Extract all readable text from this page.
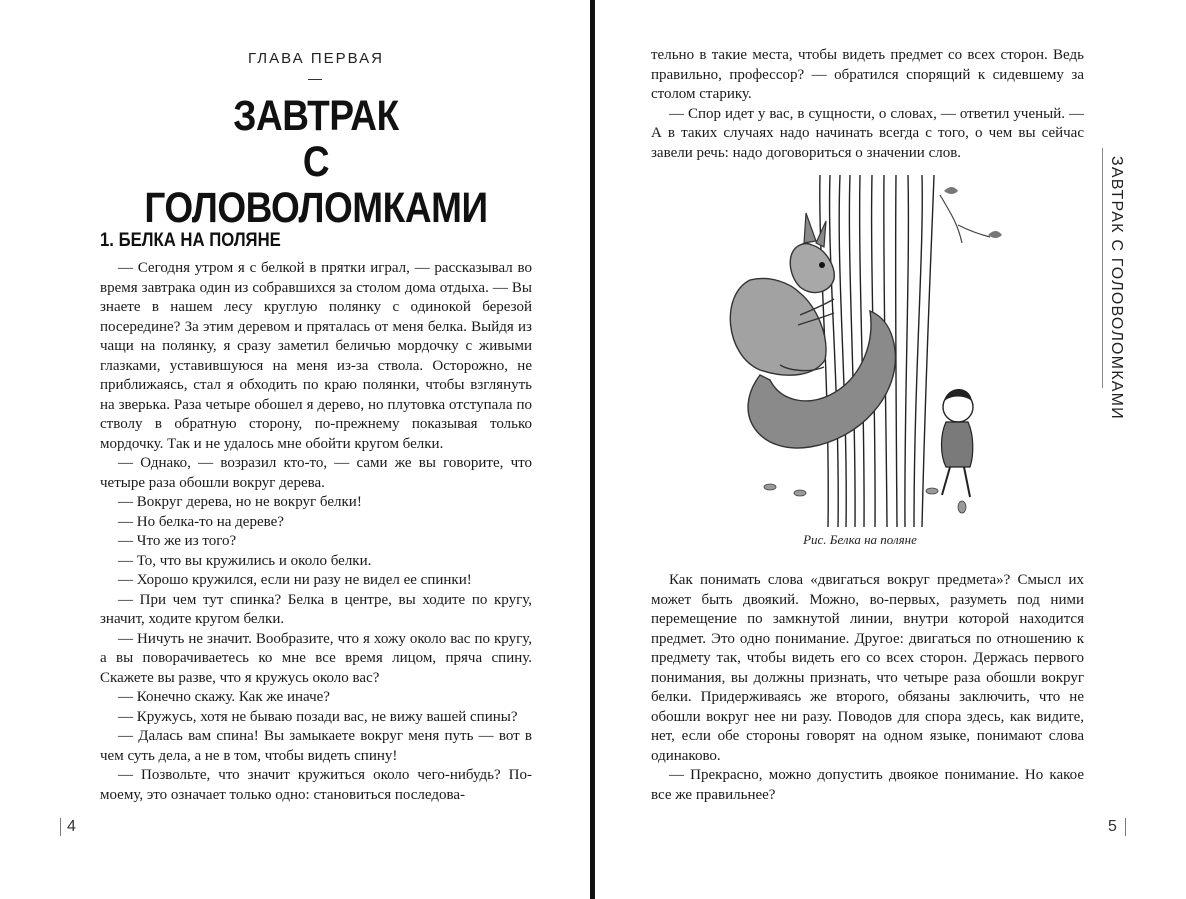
ГЛАВА ПЕРВАЯ
ЗАВТРАК
С ГОЛОВОЛОМКАМИ
1. БЕЛКА НА ПОЛЯНЕ

— Сегодня утром я с белкой в прятки играл, — рассказывал во время завтрака один из собравшихся за столом дома отдыха. — Вы знаете в нашем лесу круглую полянку с одинокой березой посередине? За этим деревом и пряталась от меня белка. Выйдя из чащи на полянку, я сразу заметил беличью мордочку с живыми глазками, уставившуюся на меня из-за ствола. Осторожно, не приближаясь, стал я обходить по краю полянки, чтобы взглянуть на зверька. Раза четыре обошел я дерево, но плутовка отступала по стволу в обратную сторону, по-прежнему показывая только мордочку. Так и не удалось мне обойти кругом белки.

— Однако, — возразил кто-то, — сами же вы говорите, что четыре раза обошли вокруг дерева.

— Вокруг дерева, но не вокруг белки!

— Но белка-то на дереве?

— Что же из того?

— То, что вы кружились и около белки.

— Хорошо кружился, если ни разу не видел ее спинки!

— При чем тут спинка? Белка в центре, вы ходите по кругу, значит, ходите кругом белки.

— Ничуть не значит. Вообразите, что я хожу около вас по кругу, а вы поворачиваетесь ко мне все время лицом, пряча спину. Скажете вы разве, что я кружусь около вас?

— Конечно скажу. Как же иначе?

— Кружусь, хотя не бываю позади вас, не вижу вашей спины?

— Далась вам спина! Вы замыкаете вокруг меня путь — вот в чем суть дела, а не в том, чтобы видеть спину!

— Позвольте, что значит кружиться около чего-нибудь? По-моему, это означает только одно: становиться последова-

4

тельно в такие места, чтобы видеть предмет со всех сторон. Ведь правильно, профессор? — обратился спорящий к сидевшему за столом старику.

— Спор идет у вас, в сущности, о словах, — ответил ученый. — А в таких случаях надо начинать всегда с того, о чем вы сейчас завели речь: надо договориться о значении слов.

Рис. Белка на поляне

Как понимать слова «двигаться вокруг предмета»? Смысл их может быть двоякий. Можно, во-первых, разуметь под ними перемещение по замкнутой линии, внутри которой находится предмет. Это одно понимание. Другое: двигаться по отношению к предмету так, чтобы видеть его со всех сторон. Держась первого понимания, вы должны признать, что четыре раза обошли вокруг белки. Придерживаясь же второго, обязаны заключить, что не обошли вокруг нее ни разу. Поводов для спора здесь, как видите, нет, если обе стороны говорят на одном языке, понимают слова одинаково.

— Прекрасно, можно допустить двоякое понимание. Но какое все же правильнее?

ЗАВТРАК С ГОЛОВОЛОМКАМИ
5
